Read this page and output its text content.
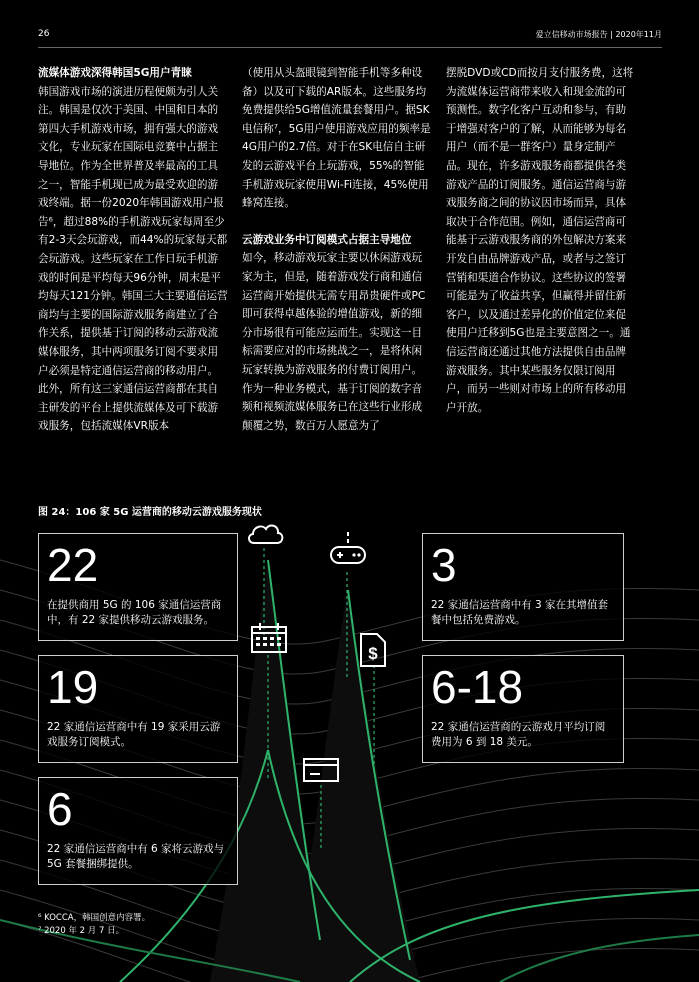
26	爱立信移动市场报告 | 2020年11月

流媒体游戏深得韩国5G用户青睐

韩国游戏市场的演进历程便颇为引人关注。韩国是仅次于美国、中国和日本的第四大手机游戏市场，拥有强大的游戏文化，专业玩家在国际电竞赛中占据主导地位。作为全世界普及率最高的工具之一，智能手机现已成为最受欢迎的游戏终端。据一份2020年韩国游戏用户报告⁶，超过88%的手机游戏玩家每周至少有2-3天会玩游戏，而44%的玩家每天都会玩游戏。这些玩家在工作日玩手机游戏的时间是平均每天96分钟，周末是平均每天121分钟。韩国三大主要通信运营商均与主要的国际游戏服务商建立了合作关系，提供基于订阅的移动云游戏流媒体服务，其中两项服务订阅不要求用户必须是特定通信运营商的移动用户。此外，所有这三家通信运营商都在其自主研发的平台上提供流媒体及可下载游戏服务，包括流媒体VR版本

（使用从头盔眼镜到智能手机等多种设备）以及可下载的AR版本。这些服务均免费提供给5G增值流量套餐用户。据SK电信称⁷，5G用户使用游戏应用的频率是4G用户的2.7倍。对于在SK电信自主研发的云游戏平台上玩游戏，55%的智能手机游戏玩家使用Wi-Fi连接，45%使用蜂窝连接。

云游戏业务中订阅模式占据主导地位

如今，移动游戏玩家主要以休闲游戏玩家为主，但是，随着游戏发行商和通信运营商开始提供无需专用昂贵硬件或PC即可获得卓越体验的增值游戏，新的细分市场很有可能应运而生。实现这一目标需要应对的市场挑战之一，是将休闲玩家转换为游戏服务的付费订阅用户。作为一种业务模式，基于订阅的数字音频和视频流媒体服务已在这些行业形成颠覆之势，数百万人愿意为了

摆脱DVD或CD而按月支付服务费，这将为流媒体运营商带来收入和现金流的可预测性。数字化客户互动和参与，有助于增强对客户的了解，从而能够为每名用户（而不是一群客户）量身定制产品。现在，许多游戏服务商都提供各类游戏产品的订阅服务。通信运营商与游戏服务商之间的协议因市场而异，具体取决于合作范围。例如，通信运营商可能基于云游戏服务商的外包解决方案来开发自由品牌游戏产品，或者与之签订营销和渠道合作协议。这些协议的签署可能是为了收益共享，但赢得并留住新客户，以及通过差异化的价值定位来促使用户迁移到5G也是主要意图之一。通信运营商还通过其他方法提供自由品牌游戏服务。其中某些服务仅限订阅用户，而另一些则对市场上的所有移动用户开放。

图 24：106 家 5G 运营商的移动云游戏服务现状
$
22
在提供商用 5G 的 106 家通信运营商中，有 22 家提供移动云游戏服务。
19
22 家通信运营商中有 19 家采用云游戏服务订阅模式。
6
22 家通信运营商中有 6 家将云游戏与 5G 套餐捆绑提供。
3
22 家通信运营商中有 3 家在其增值套餐中包括免费游戏。
6-18
22 家通信运营商的云游戏月平均订阅费用为 6 到 18 美元。
⁶ KOCCA，韩国创意内容署。
⁷ 2020 年 2 月 7 日。
